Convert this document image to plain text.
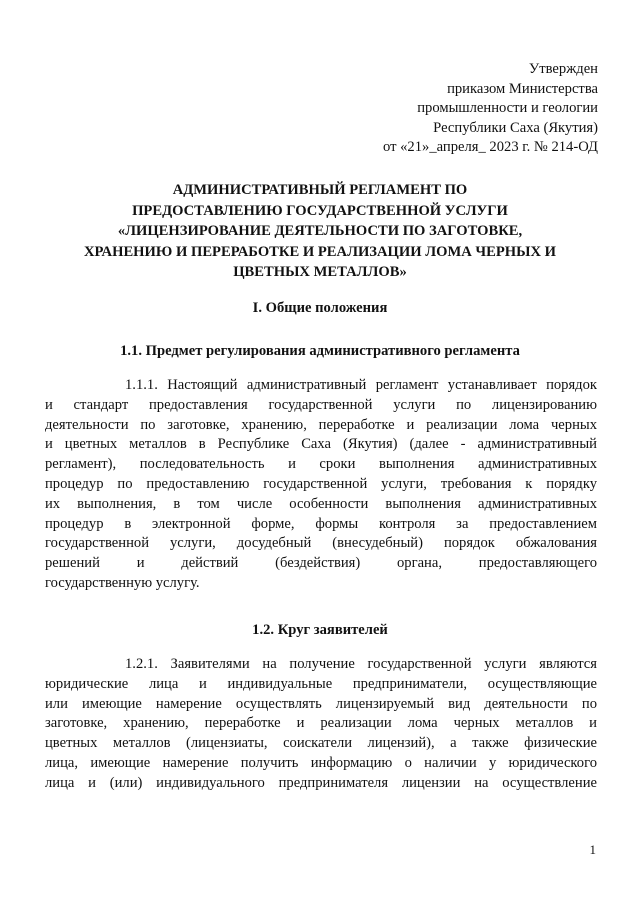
Утвержден
приказом Министерства
промышленности и геологии
Республики Саха (Якутия)
от «21»_апреля_ 2023 г. № 214-ОД
АДМИНИСТРАТИВНЫЙ РЕГЛАМЕНТ ПО
ПРЕДОСТАВЛЕНИЮ ГОСУДАРСТВЕННОЙ УСЛУГИ
«ЛИЦЕНЗИРОВАНИЕ ДЕЯТЕЛЬНОСТИ ПО ЗАГОТОВКЕ,
ХРАНЕНИЮ И ПЕРЕРАБОТКЕ И РЕАЛИЗАЦИИ ЛОМА ЧЕРНЫХ И
ЦВЕТНЫХ МЕТАЛЛОВ»
I. Общие положения
1.1. Предмет регулирования административного регламента
1.1.1. Настоящий административный регламент устанавливает порядок
и стандарт предоставления государственной услуги по лицензированию
деятельности по заготовке, хранению, переработке и реализации лома черных
и цветных металлов в Республике Саха (Якутия) (далее - административный
регламент), последовательность и сроки выполнения административных
процедур по предоставлению государственной услуги, требования к порядку
их выполнения, в том числе особенности выполнения административных
процедур в электронной форме, формы контроля за предоставлением
государственной услуги, досудебный (внесудебный) порядок обжалования
решений и действий (бездействия) органа, предоставляющего
государственную услугу.
1.2. Круг заявителей
1.2.1. Заявителями на получение государственной услуги являются
юридические лица и индивидуальные предприниматели, осуществляющие
или имеющие намерение осуществлять лицензируемый вид деятельности по
заготовке, хранению, переработке и реализации лома черных металлов и
цветных металлов (лицензиаты, соискатели лицензий), а также физические
лица, имеющие намерение получить информацию о наличии у юридического
лица и (или) индивидуального предпринимателя лицензии на осуществление
1
